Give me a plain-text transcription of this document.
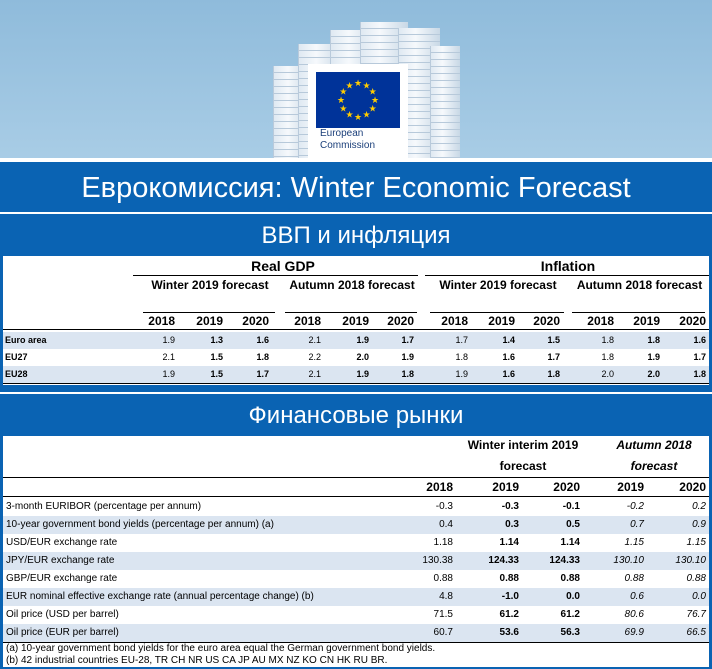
★ ★
★
★
★
★
★
★
★
★
★
★
European
Commission
Еврокомиссия: Winter Economic Forecast
ВВП и инфляция
Real GDP	Inflation
Winter 2019 forecast	Autumn 2018 forecast	Winter 2019 forecast	Autumn 2018 forecast
2018	2019	2020	2018	2019	2020	2018	2019	2020	2018	2019	2020
Euro area	1.9	1.3	1.6	2.1	1.9	1.7	1.7	1.4	1.5	1.8	1.8	1.6
EU27	2.1	1.5	1.8	2.2	2.0	1.9	1.8	1.6	1.7	1.8	1.9	1.7
EU28	1.9	1.5	1.7	2.1	1.9	1.8	1.9	1.6	1.8	2.0	2.0	1.8
Финансовые рынки
Winter interim 2019
forecast
Autumn 2018
forecast
2018	2019	2020	2019	2020
3-month EURIBOR (percentage per annum)	-0.3	-0.3	-0.1	-0.2	0.2
10-year government bond yields (percentage per annum) (a)	0.4	0.3	0.5	0.7	0.9
USD/EUR exchange rate	1.18	1.14	1.14	1.15	1.15
JPY/EUR exchange rate	130.38	124.33	124.33	130.10	130.10
GBP/EUR exchange rate	0.88	0.88	0.88	0.88	0.88
EUR nominal effective exchange rate (annual percentage change) (b)	4.8	-1.0	0.0	0.6	0.0
Oil price (USD per barrel)	71.5	61.2	61.2	80.6	76.7
Oil price (EUR per barrel)	60.7	53.6	56.3	69.9	66.5
(a) 10-year government bond yields for the euro area equal the German government bond yields.
(b) 42 industrial countries EU-28, TR CH NR US CA JP AU MX NZ KO CN HK RU BR.
